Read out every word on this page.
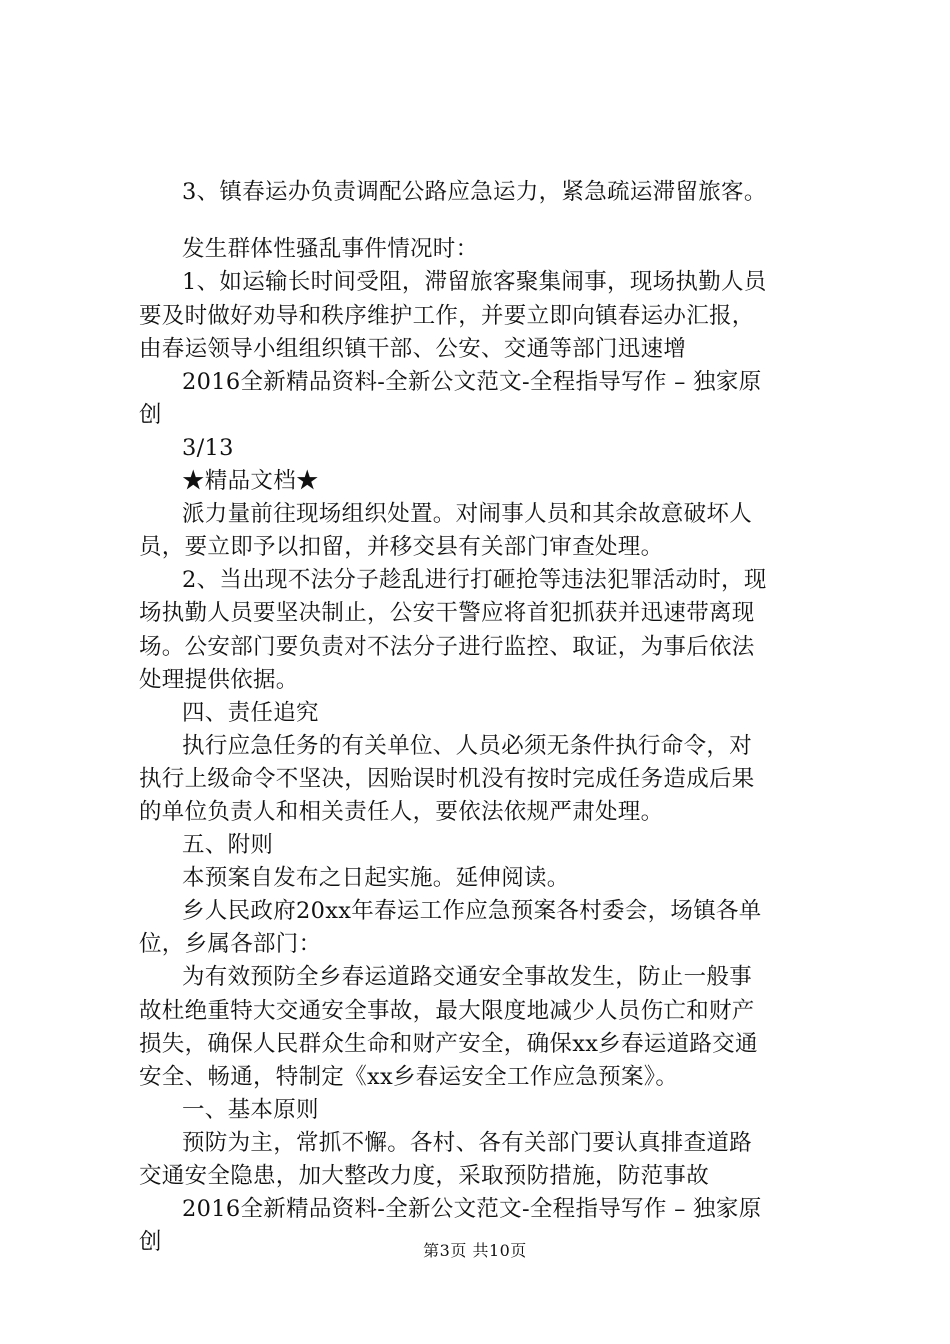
3、镇春运办负责调配公路应急运力，紧急疏运滞留旅客。
发生群体性骚乱事件情况时：
1、如运输长时间受阻，滞留旅客聚集闹事，现场执勤人员
要及时做好劝导和秩序维护工作，并要立即向镇春运办汇报，
由春运领导小组组织镇干部、公安、交通等部门迅速增
2016全新精品资料-全新公文范文-全程指导写作 – 独家原
创
3/13
★精品文档★
派力量前往现场组织处置。对闹事人员和其余故意破坏人
员，要立即予以扣留，并移交县有关部门审查处理。
2、当出现不法分子趁乱进行打砸抢等违法犯罪活动时，现
场执勤人员要坚决制止，公安干警应将首犯抓获并迅速带离现
场。公安部门要负责对不法分子进行监控、取证，为事后依法
处理提供依据。
四、责任追究
执行应急任务的有关单位、人员必须无条件执行命令，对
执行上级命令不坚决，因贻误时机没有按时完成任务造成后果
的单位负责人和相关责任人，要依法依规严肃处理。
五、附则
本预案自发布之日起实施。延伸阅读。
乡人民政府20xx年春运工作应急预案各村委会，场镇各单
位，乡属各部门：
为有效预防全乡春运道路交通安全事故发生，防止一般事
故杜绝重特大交通安全事故，最大限度地减少人员伤亡和财产
损失，确保人民群众生命和财产安全，确保xx乡春运道路交通
安全、畅通，特制定《xx乡春运安全工作应急预案》。
一、基本原则
预防为主，常抓不懈。各村、各有关部门要认真排查道路
交通安全隐患，加大整改力度，采取预防措施，防范事故
2016全新精品资料-全新公文范文-全程指导写作 – 独家原
创	第3页 共10页
